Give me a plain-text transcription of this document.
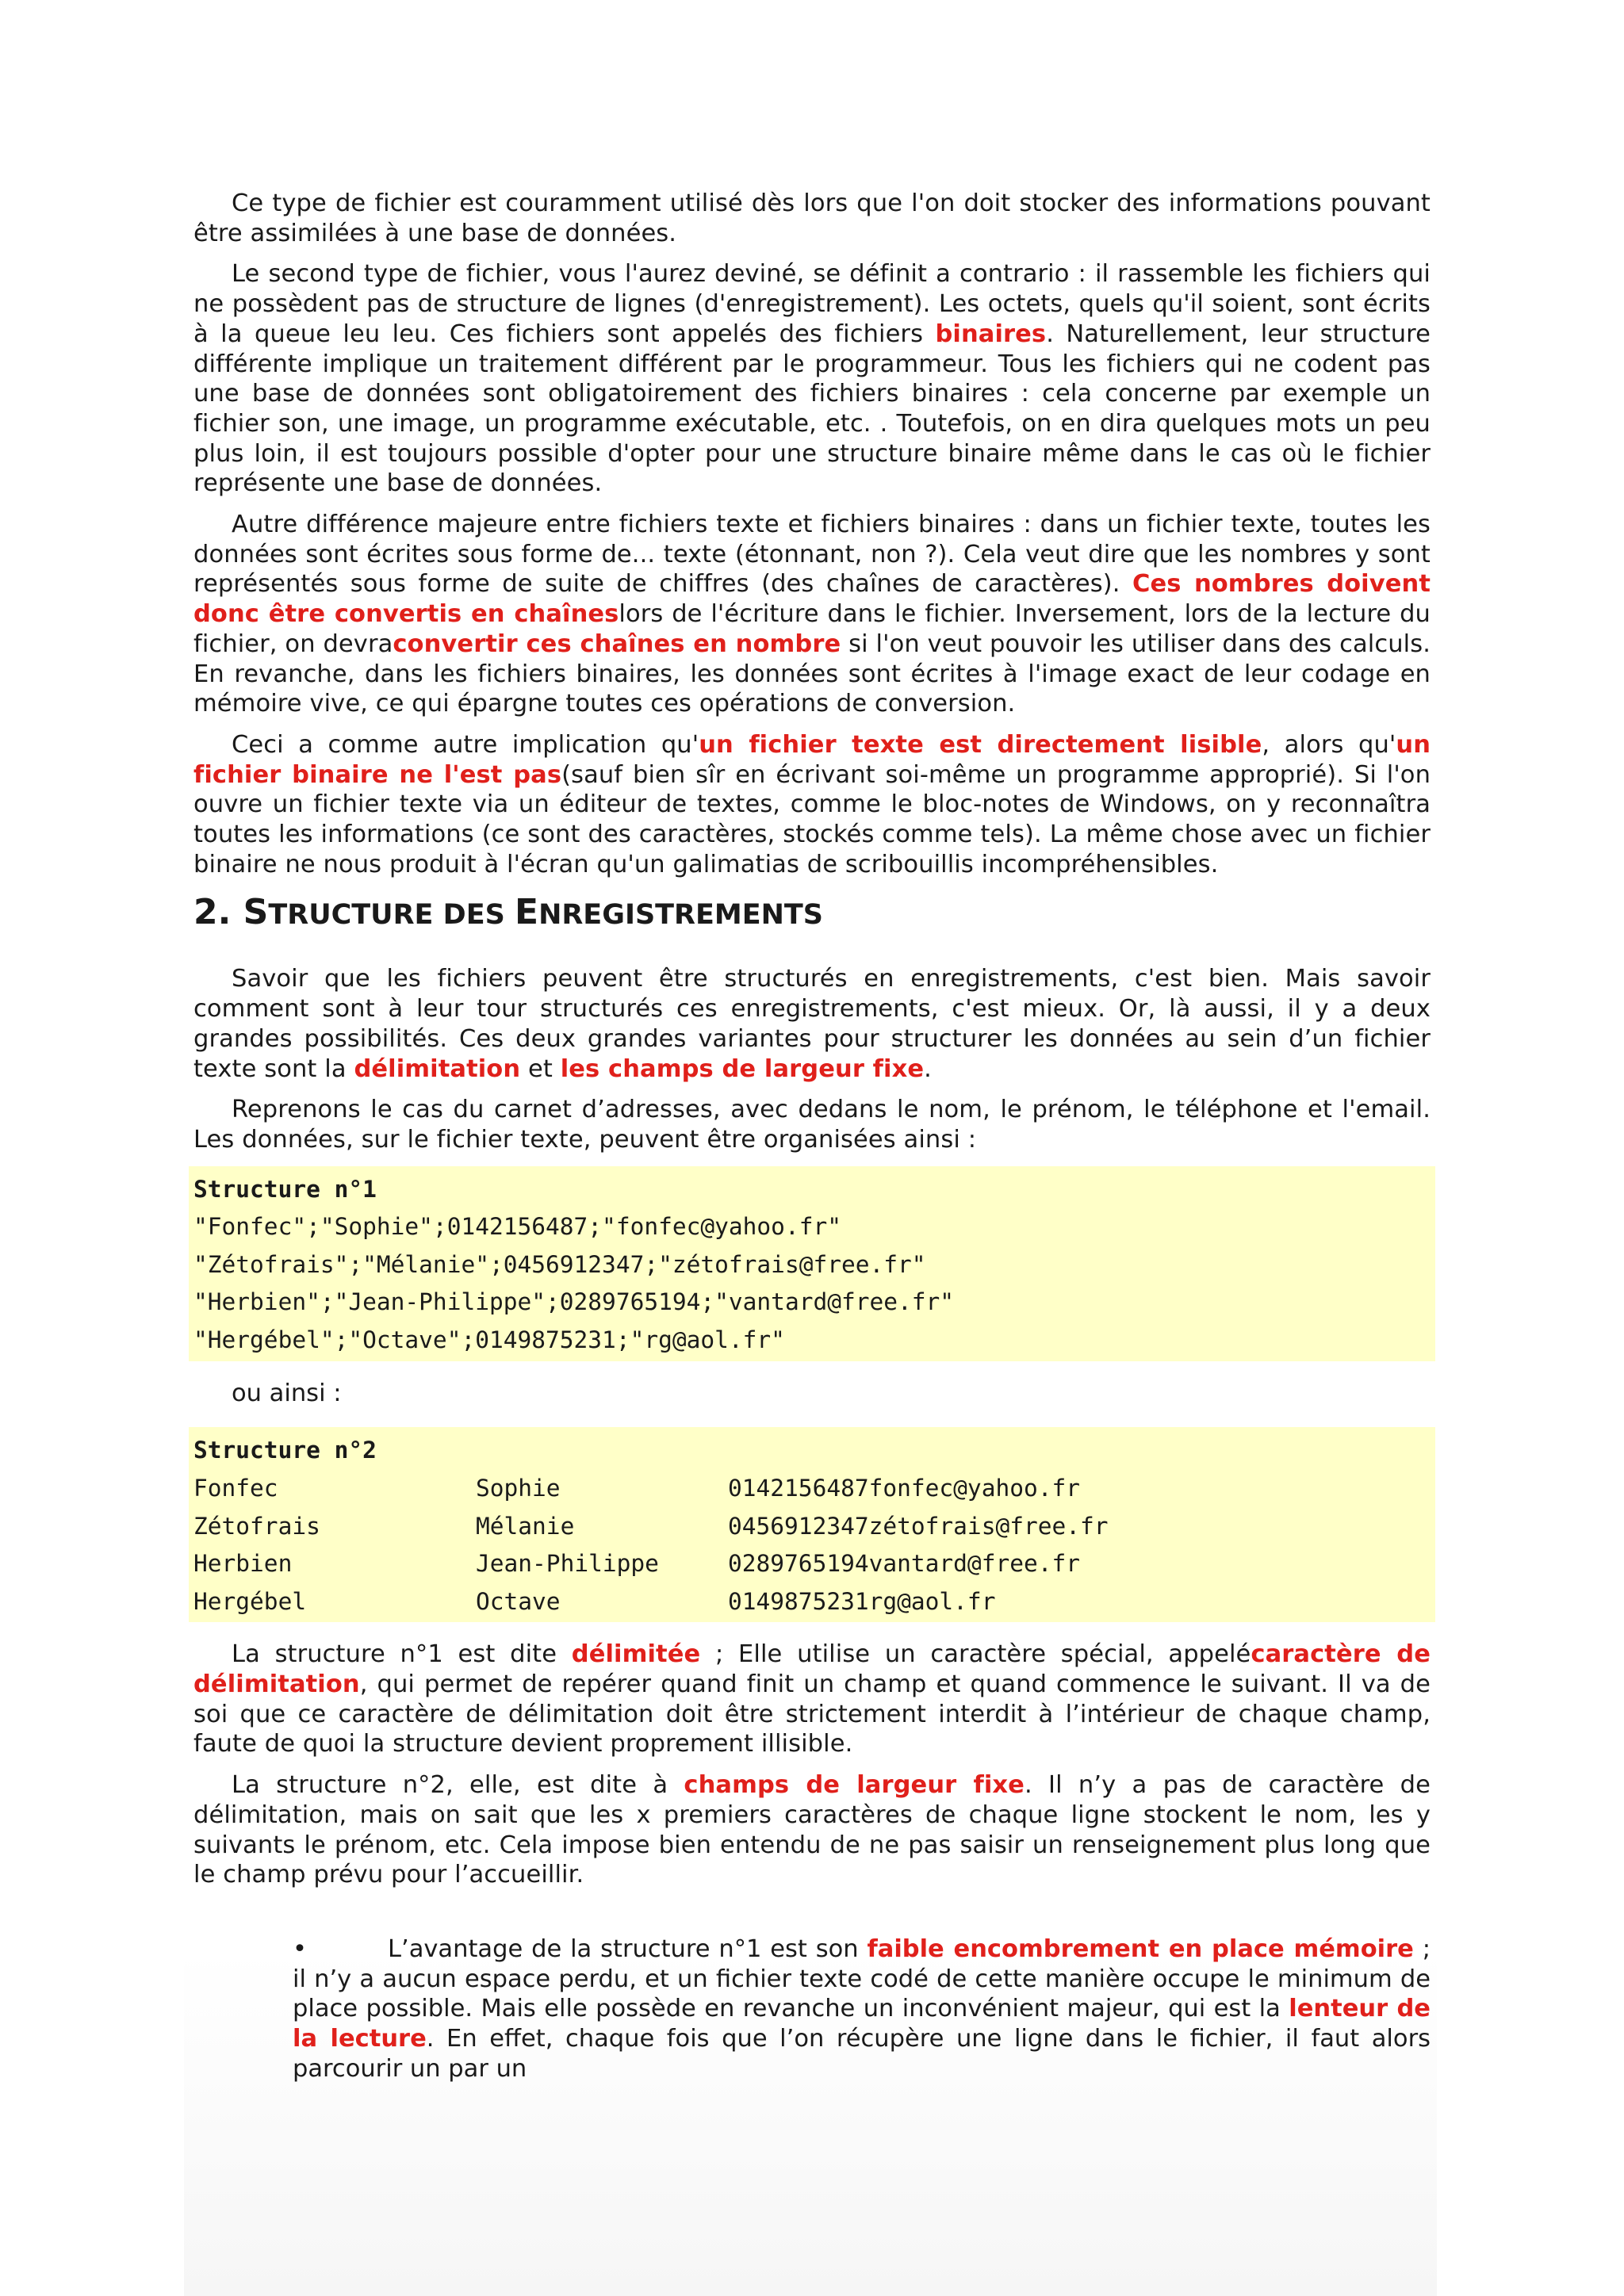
Ce type de fichier est couramment utilisé dès lors que l'on doit stocker des informations pouvant être assimilées à une base de données.

Le second type de fichier, vous l'aurez deviné, se définit a contrario : il rassemble les fichiers qui ne possèdent pas de structure de lignes (d'enregistrement). Les octets, quels qu'il soient, sont écrits à la queue leu leu. Ces fichiers sont appelés des fichiers binaires. Naturellement, leur structure différente implique un traitement différent par le programmeur. Tous les fichiers qui ne codent pas une base de données sont obligatoirement des fichiers binaires : cela concerne par exemple un fichier son, une image, un programme exécutable, etc. . Toutefois, on en dira quelques mots un peu plus loin, il est toujours possible d'opter pour une structure binaire même dans le cas où le fichier représente une base de données.

Autre différence majeure entre fichiers texte et fichiers binaires : dans un fichier texte, toutes les données sont écrites sous forme de... texte (étonnant, non ?). Cela veut dire que les nombres y sont représentés sous forme de suite de chiffres (des chaînes de caractères). Ces nombres doivent donc être convertis en chaîneslors de l'écriture dans le fichier. Inversement, lors de la lecture du fichier, on devraconvertir ces chaînes en nombre si l'on veut pouvoir les utiliser dans des calculs. En revanche, dans les fichiers binaires, les données sont écrites à l'image exact de leur codage en mémoire vive, ce qui épargne toutes ces opérations de conversion.

Ceci a comme autre implication qu'un fichier texte est directement lisible, alors qu'un fichier binaire ne l'est pas(sauf bien sîr en écrivant soi-même un programme approprié). Si l'on ouvre un fichier texte via un éditeur de textes, comme le bloc-notes de Windows, on y reconnaîtra toutes les informations (ce sont des caractères, stockés comme tels). La même chose avec un fichier binaire ne nous produit à l'écran qu'un galimatias de scribouillis incompréhensibles.

2. STRUCTURE DES ENREGISTREMENTS

Savoir que les fichiers peuvent être structurés en enregistrements, c'est bien. Mais savoir comment sont à leur tour structurés ces enregistrements, c'est mieux. Or, là aussi, il y a deux grandes possibilités. Ces deux grandes variantes pour structurer les données au sein d’un fichier texte sont la délimitation et les champs de largeur fixe.

Reprenons le cas du carnet d’adresses, avec dedans le nom, le prénom, le téléphone et l'email. Les données, sur le fichier texte, peuvent être organisées ainsi :

Structure n°1
"Fonfec";"Sophie";0142156487;"fonfec@yahoo.fr"
"Zétofrais";"Mélanie";0456912347;"zétofrais@free.fr"
"Herbien";"Jean-Philippe";0289765194;"vantard@free.fr"
"Hergébel";"Octave";0149875231;"rg@aol.fr"

ou ainsi :

Structure n°2
Fonfec	Sophie	0142156487fonfec@yahoo.fr
Zétofrais	Mélanie	0456912347zétofrais@free.fr
Herbien	Jean-Philippe	0289765194vantard@free.fr
Hergébel	Octave	0149875231rg@aol.fr

La structure n°1 est dite délimitée ; Elle utilise un caractère spécial, appelécaractère de délimitation, qui permet de repérer quand finit un champ et quand commence le suivant. Il va de soi que ce caractère de délimitation doit être strictement interdit à l’intérieur de chaque champ, faute de quoi la structure devient proprement illisible.

La structure n°2, elle, est dite à champs de largeur fixe. Il n’y a pas de caractère de délimitation, mais on sait que les x premiers caractères de chaque ligne stockent le nom, les y suivants le prénom, etc. Cela impose bien entendu de ne pas saisir un renseignement plus long que le champ prévu pour l’accueillir.

•	L’avantage de la structure n°1 est son faible encombrement en place mémoire ; il n’y a aucun espace perdu, et un fichier texte codé de cette manière occupe le minimum de place possible. Mais elle possède en revanche un inconvénient majeur, qui est la lenteur de la lecture. En effet, chaque fois que l’on récupère une ligne dans le fichier, il faut alors parcourir un par un
